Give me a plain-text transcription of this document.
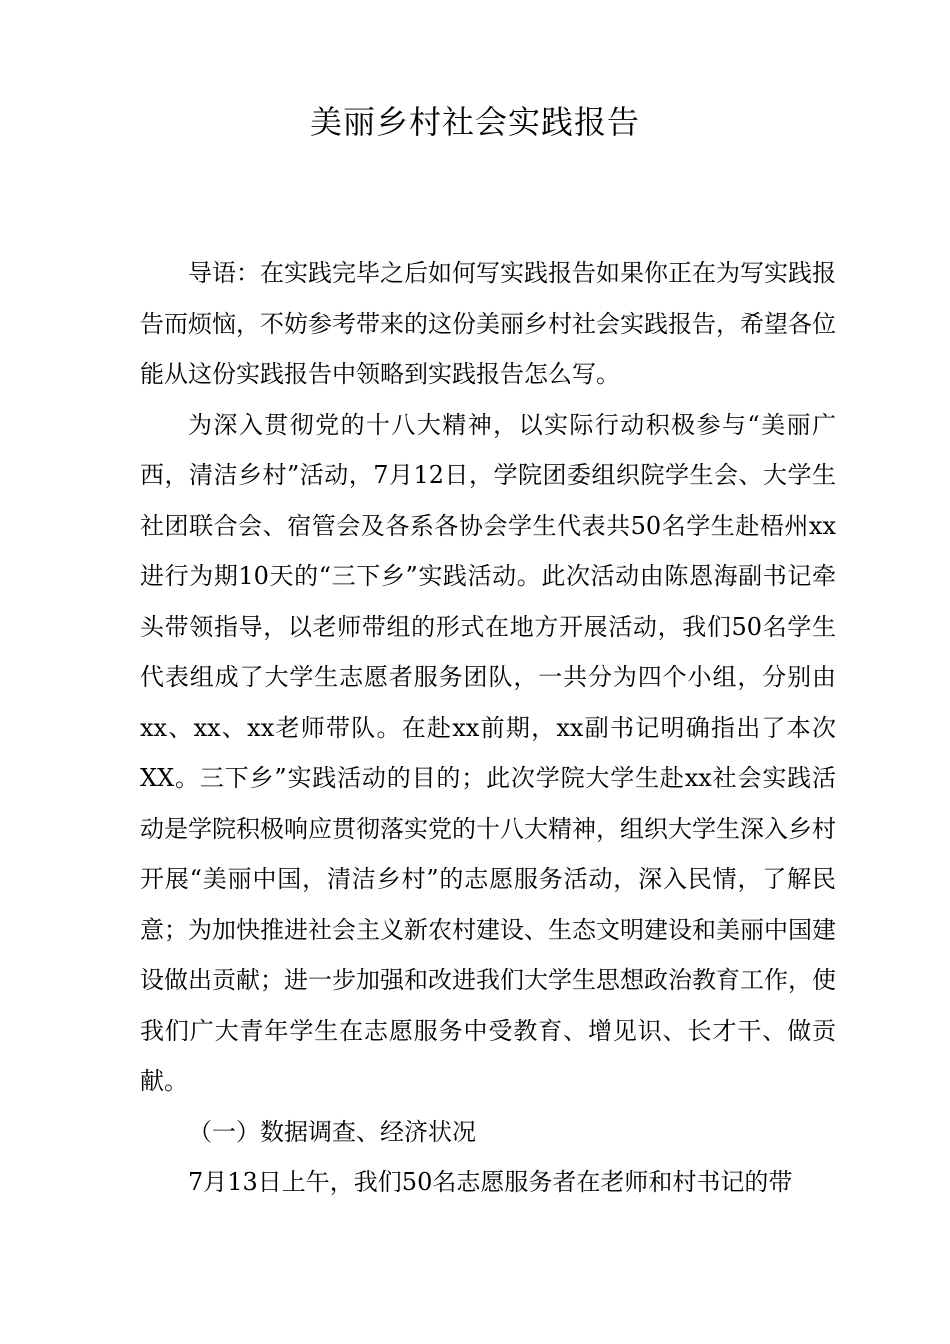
美丽乡村社会实践报告

导语：在实践完毕之后如何写实践报告如果你正在为写实践报告而烦恼，不妨参考带来的这份美丽乡村社会实践报告，希望各位能从这份实践报告中领略到实践报告怎么写。

为深入贯彻党的十八大精神，以实际行动积极参与“美丽广西，清洁乡村”活动，7月12日，学院团委组织院学生会、大学生社团联合会、宿管会及各系各协会学生代表共50名学生赴梧州xx进行为期10天的“三下乡”实践活动。此次活动由陈恩海副书记牵头带领指导，以老师带组的形式在地方开展活动，我们50名学生代表组成了大学生志愿者服务团队，一共分为四个小组，分别由xx、xx、xx老师带队。在赴xx前期，xx副书记明确指出了本次XX。三下乡”实践活动的目的；此次学院大学生赴xx社会实践活动是学院积极响应贯彻落实党的十八大精神，组织大学生深入乡村开展“美丽中国，清洁乡村”的志愿服务活动，深入民情，了解民意；为加快推进社会主义新农村建设、生态文明建设和美丽中国建设做出贡献；进一步加强和改进我们大学生思想政治教育工作，使我们广大青年学生在志愿服务中受教育、增见识、长才干、做贡献。

（一）数据调查、经济状况

7月13日上午，我们50名志愿服务者在老师和村书记的带
